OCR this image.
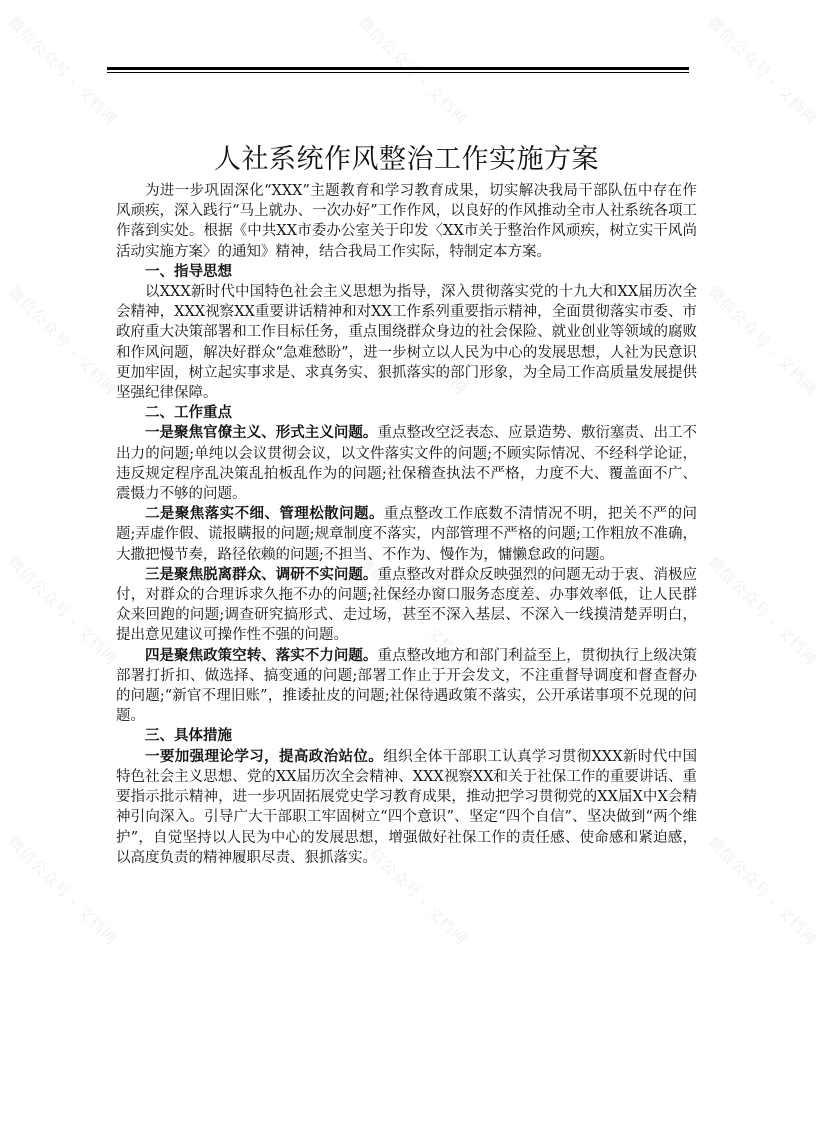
微信公众号 - 文档网	微信公众号 - 文档网	微信公众号 - 文档网
微信公众号 - 文档网	微信公众号 - 文档网	微信公众号 - 文档网
微信公众号 - 文档网	微信公众号 - 文档网	微信公众号 - 文档网
微信公众号 - 文档网	微信公众号 - 文档网	微信公众号 - 文档网
人社系统作风整治工作实施方案

为进一步巩固深化“XXX”主题教育和学习教育成果，切实解决我局干部队伍中存在作风顽疾，深入践行“马上就办、一次办好”工作作风，以良好的作风推动全市人社系统各项工作落到实处。根据《中共XX市委办公室关于印发〈XX市关于整治作风顽疾，树立实干风尚活动实施方案〉的通知》精神，结合我局工作实际，特制定本方案。

一、指导思想

以XXX新时代中国特色社会主义思想为指导，深入贯彻落实党的十九大和XX届历次全会精神，XXX视察XX重要讲话精神和对XX工作系列重要指示精神，全面贯彻落实市委、市政府重大决策部署和工作目标任务，重点围绕群众身边的社会保险、就业创业等领域的腐败和作风问题，解决好群众“急难愁盼”，进一步树立以人民为中心的发展思想，人社为民意识更加牢固，树立起实事求是、求真务实、狠抓落实的部门形象，为全局工作高质量发展提供坚强纪律保障。

二、工作重点

一是聚焦官僚主义、形式主义问题。重点整改空泛表态、应景造势、敷衍塞责、出工不出力的问题;单纯以会议贯彻会议，以文件落实文件的问题;不顾实际情况、不经科学论证，违反规定程序乱决策乱拍板乱作为的问题;社保稽查执法不严格，力度不大、覆盖面不广、震慑力不够的问题。

二是聚焦落实不细、管理松散问题。重点整改工作底数不清情况不明，把关不严的问题;弄虚作假、谎报瞒报的问题;规章制度不落实，内部管理不严格的问题;工作粗放不准确，大撒把慢节奏，路径依赖的问题;不担当、不作为、慢作为，慵懒怠政的问题。

三是聚焦脱离群众、调研不实问题。重点整改对群众反映强烈的问题无动于衷、消极应付，对群众的合理诉求久拖不办的问题;社保经办窗口服务态度差、办事效率低，让人民群众来回跑的问题;调查研究搞形式、走过场，甚至不深入基层、不深入一线摸清楚弄明白，提出意见建议可操作性不强的问题。

四是聚焦政策空转、落实不力问题。重点整改地方和部门利益至上，贯彻执行上级决策部署打折扣、做选择、搞变通的问题;部署工作止于开会发文，不注重督导调度和督查督办的问题;“新官不理旧账”，推诿扯皮的问题;社保待遇政策不落实，公开承诺事项不兑现的问题。

三、具体措施

一要加强理论学习，提高政治站位。组织全体干部职工认真学习贯彻XXX新时代中国特色社会主义思想、党的XX届历次全会精神、XXX视察XX和关于社保工作的重要讲话、重要指示批示精神，进一步巩固拓展党史学习教育成果，推动把学习贯彻党的XX届X中X会精神引向深入。引导广大干部职工牢固树立“四个意识”、坚定“四个自信”、坚决做到“两个维护”，自觉坚持以人民为中心的发展思想，增强做好社保工作的责任感、使命感和紧迫感，以高度负责的精神履职尽责、狠抓落实。
